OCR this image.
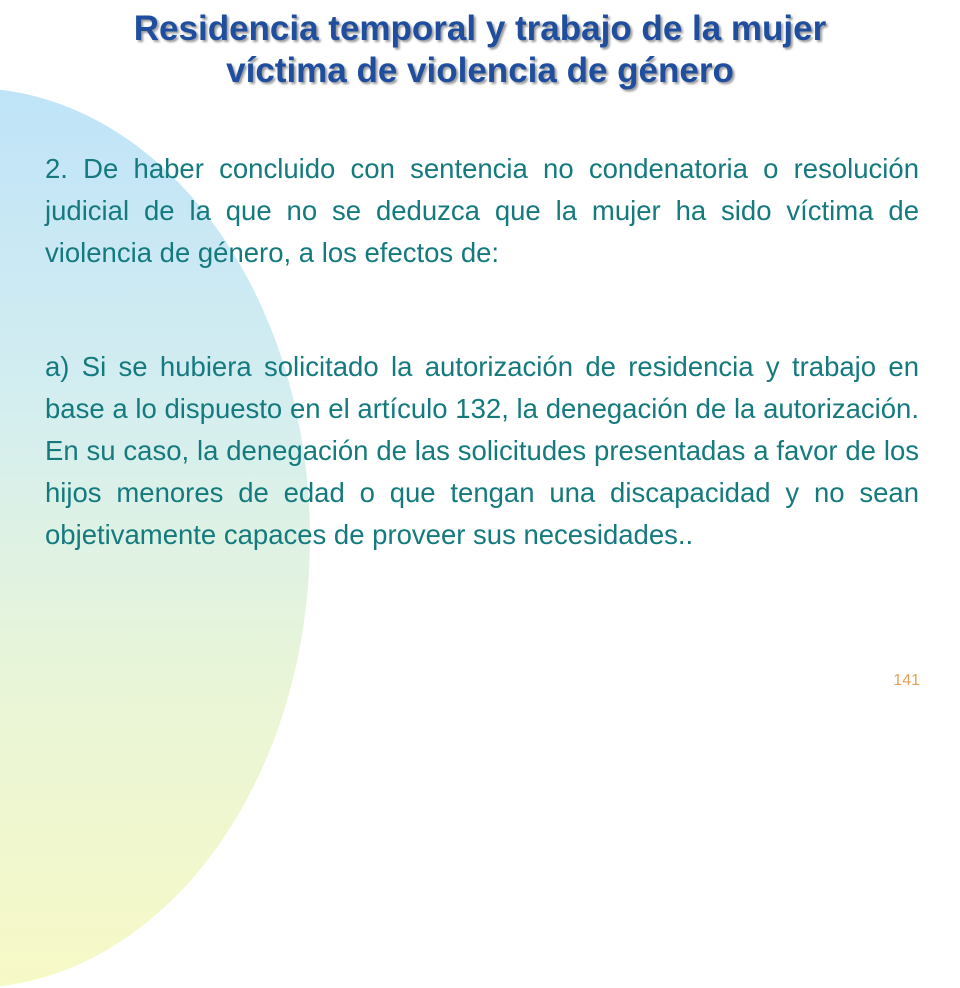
Residencia temporal y trabajo de la mujer
víctima de violencia de género
2. De haber concluido con sentencia no condenatoria o resolución judicial de la que no se deduzca que la mujer ha sido víctima de violencia de género, a los efectos de:
a) Si se hubiera solicitado la autorización de residencia y trabajo en base a lo dispuesto en el artículo 132, la denegación de la autorización. En su caso, la denegación de las solicitudes presentadas a favor de los hijos menores de edad o que tengan una discapacidad y no sean objetivamente capaces de proveer sus necesidades..
141
